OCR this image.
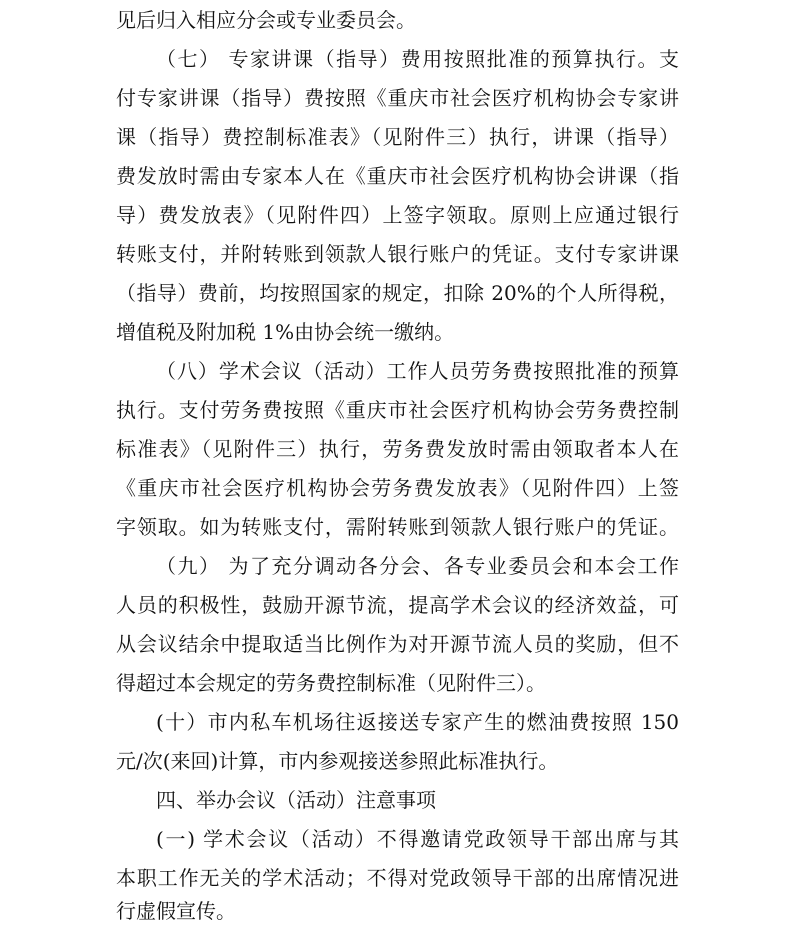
见后归入相应分会或专业委员会。
（七） 专家讲课（指导）费用按照批准的预算执行。支
付专家讲课（指导）费按照《重庆市社会医疗机构协会专家讲
课（指导）费控制标准表》（见附件三）执行，讲课（指导）
费发放时需由专家本人在《重庆市社会医疗机构协会讲课（指
导）费发放表》（见附件四）上签字领取。原则上应通过银行
转账支付，并附转账到领款人银行账户的凭证。支付专家讲课
（指导）费前，均按照国家的规定，扣除 20%的个人所得税，
增值税及附加税 1%由协会统一缴纳。
（八）学术会议（活动）工作人员劳务费按照批准的预算
执行。支付劳务费按照《重庆市社会医疗机构协会劳务费控制
标准表》（见附件三）执行，劳务费发放时需由领取者本人在
《重庆市社会医疗机构协会劳务费发放表》（见附件四）上签
字领取。如为转账支付，需附转账到领款人银行账户的凭证。
（九） 为了充分调动各分会、各专业委员会和本会工作
人员的积极性，鼓励开源节流，提高学术会议的经济效益，可
从会议结余中提取适当比例作为对开源节流人员的奖励，但不
得超过本会规定的劳务费控制标准（见附件三）。
(十）市内私车机场往返接送专家产生的燃油费按照 150
元/次(来回)计算，市内参观接送参照此标准执行。
四、举办会议（活动）注意事项
(一) 学术会议（活动）不得邀请党政领导干部出席与其
本职工作无关的学术活动；不得对党政领导干部的出席情况进
行虚假宣传。
